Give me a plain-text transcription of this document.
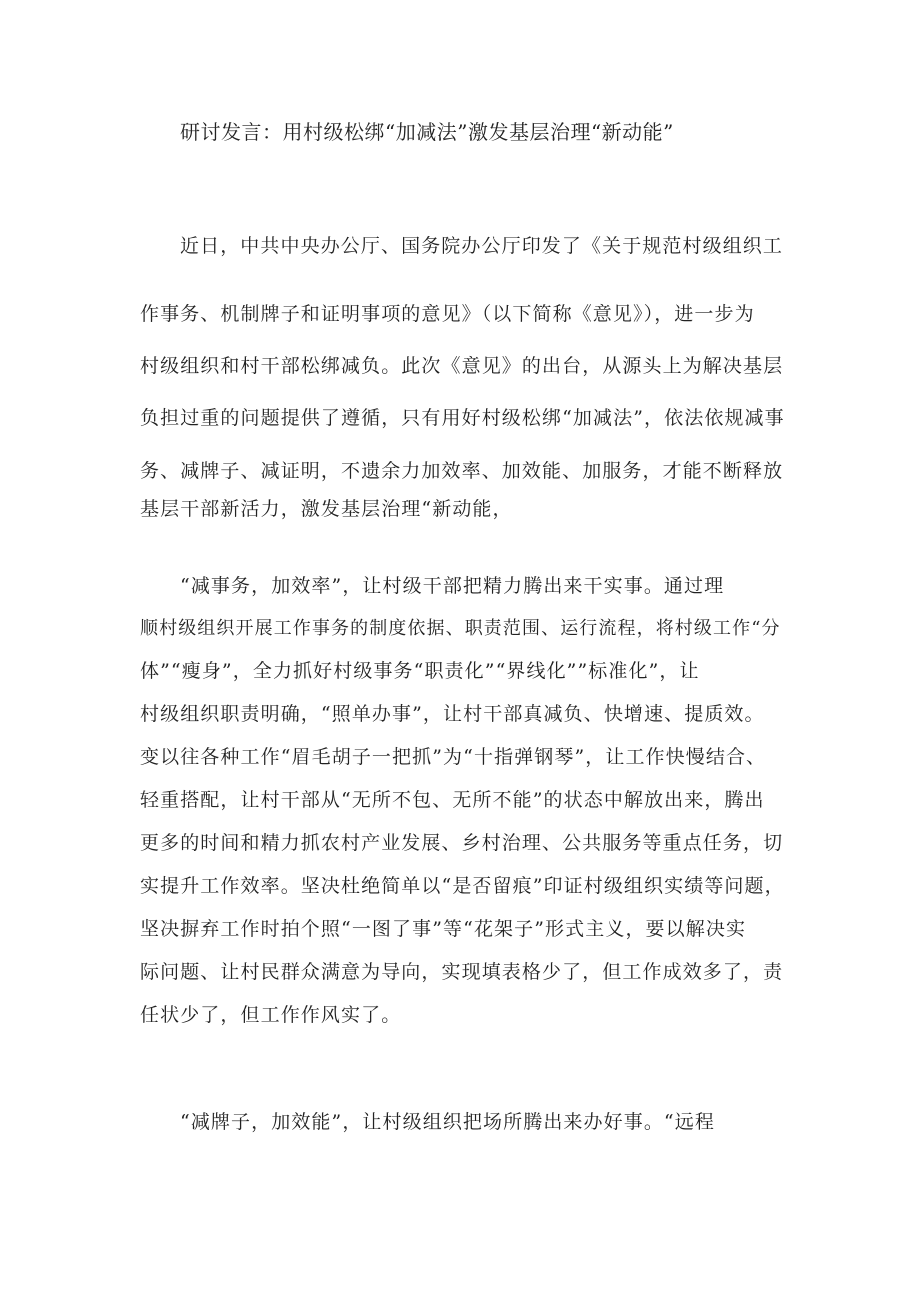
研讨发言：用村级松绑“加减法”激发基层治理“新动能”

近日，中共中央办公厅、国务院办公厅印发了《关于规范村级组织工

作事务、机制牌子和证明事项的意见》（以下简称《意见》），进一步为

村级组织和村干部松绑减负。此次《意见》的出台，从源头上为解决基层

负担过重的问题提供了遵循，只有用好村级松绑“加减法”，依法依规减事

务、减牌子、减证明，不遗余力加效率、加效能、加服务，才能不断释放

基层干部新活力，激发基层治理“新动能，

“减事务，加效率”，让村级干部把精力腾出来干实事。通过理

顺村级组织开展工作事务的制度依据、职责范围、运行流程，将村级工作“分

体”“瘦身”，全力抓好村级事务“职责化”“界线化””标准化”，让

村级组织职责明确，“照单办事”，让村干部真减负、快增速、提质效。

变以往各种工作“眉毛胡子一把抓”为“十指弹钢琴”，让工作快慢结合、

轻重搭配，让村干部从“无所不包、无所不能”的状态中解放出来，腾出

更多的时间和精力抓农村产业发展、乡村治理、公共服务等重点任务，切

实提升工作效率。坚决杜绝简单以“是否留痕”印证村级组织实绩等问题，

坚决摒弃工作时拍个照“一图了事”等“花架子”形式主义，要以解决实

际问题、让村民群众满意为导向，实现填表格少了，但工作成效多了，责

任状少了，但工作作风实了。

“减牌子，加效能”，让村级组织把场所腾出来办好事。“远程
